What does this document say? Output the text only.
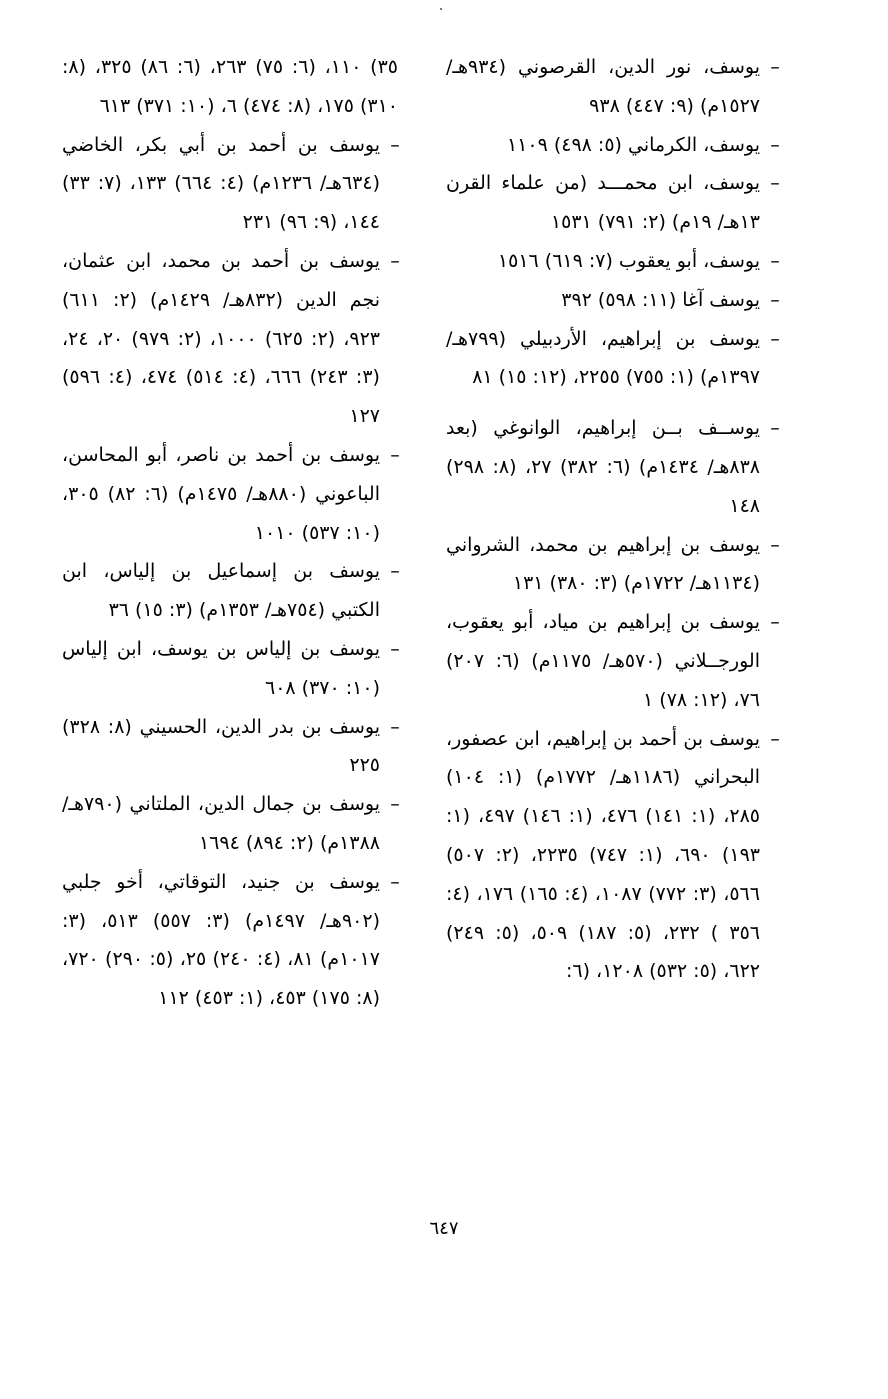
–
يوسف، نور الدين، القرصوني (٩٣٤هـ/ ١٥٢٧م) (٩: ٤٤٧) ٩٣٨

–
يوسف، الكرماني (٥: ٤٩٨) ١١٠٩

–
يوسف، ابن محمـــد (من علماء القرن ١٣هـ/ ١٩م) (٢: ٧٩١) ١٥٣١

–
يوسف، أبو يعقوب (٧: ٦١٩) ١٥١٦

–
يوسف آغا (١١: ٥٩٨) ٣٩٢

–
يوسف بن إبراهيم، الأردبيلي (٧٩٩هـ/ ١٣٩٧م) (١: ٧٥٥) ٢٢٥٥، (١٢: ١٥) ٨١

–
يوســف بــن إبراهيم، الوانوغي (بعد ٨٣٨هـ/ ١٤٣٤م) (٦: ٣٨٢) ٢٧، (٨: ٢٩٨) ١٤٨

–
يوسف بن إبراهيم بن محمد، الشرواني (١١٣٤هـ/ ١٧٢٢م) (٣: ٣٨٠) ١٣١

–
يوسف بن إبراهيم بن مياد، أبو يعقوب، الورجــلاني (٥٧٠هـ/ ١١٧٥م) (٦: ٢٠٧) ٧٦، (١٢: ٧٨) ١

–
يوسف بن أحمد بن إبراهيم، ابن عصفور، البحراني (١١٨٦هـ/ ١٧٧٢م) (١: ١٠٤) ٢٨٥، (١: ١٤١) ٤٧٦، (١: ١٤٦) ٤٩٧، (١: ١٩٣) ٦٩٠، (١: ٧٤٧) ٢٢٣٥، (٢: ٥٠٧) ٥٦٦، (٣: ٧٧٢) ١٠٨٧، (٤: ١٦٥) ١٧٦، (٤: ٣٥٦ ) ٢٣٢، (٥: ١٨٧) ٥٠٩، (٥: ٢٤٩) ٦٢٢، (٥: ٥٣٢) ١٢٠٨، (٦:

٣٥) ١١٠، (٦: ٧٥) ٢٦٣، (٦: ٨٦) ٣٢٥، (٨: ٣١٠) ١٧٥، (٨: ٤٧٤) ٦، (١٠: ٣٧١) ٦١٣

–
يوسف بن أحمد بن أبي بكر، الخاضي (٦٣٤هـ/ ١٢٣٦م) (٤: ٦٦٤) ١٣٣، (٧: ٣٣) ١٤٤، (٩: ٩٦) ٢٣١

–
يوسف بن أحمد بن محمد، ابن عثمان، نجم الدين (٨٣٢هـ/ ١٤٢٩م) (٢: ٦١١) ٩٢٣، (٢: ٦٢٥) ١٠٠٠، (٢: ٩٧٩) ٢٠، ٢٤، (٣: ٢٤٣) ٦٦٦، (٤: ٥١٤) ٤٧٤، (٤: ٥٩٦) ١٢٧

–
يوسف بن أحمد بن ناصر، أبو المحاسن، الباعوني (٨٨٠هـ/ ١٤٧٥م) (٦: ٨٢) ٣٠٥، (١٠: ٥٣٧) ١٠١٠

–
يوسف بن إسماعيل بن إلياس، ابن الكتبي (٧٥٤هـ/ ١٣٥٣م) (٣: ١٥) ٣٦

–
يوسف بن إلياس بن يوسف، ابن إلياس (١٠: ٣٧٠) ٦٠٨

–
يوسف بن بدر الدين، الحسيني (٨: ٣٢٨) ٢٢٥

–
يوسف بن جمال الدين، الملتاني (٧٩٠هـ/ ١٣٨٨م) (٢: ٨٩٤) ١٦٩٤

–
يوسف بن جنيد، التوقاتي، أخو جلبي (٩٠٢هـ/ ١٤٩٧م) (٣: ٥٥٧) ٥١٣، (٣: ١٠١٧م) ٨١، (٤: ٢٤٠) ٢٥، (٥: ٢٩٠) ٧٢٠، (٨: ١٧٥) ٤٥٣، (١: ٤٥٣) ١١٢

٦٤٧
